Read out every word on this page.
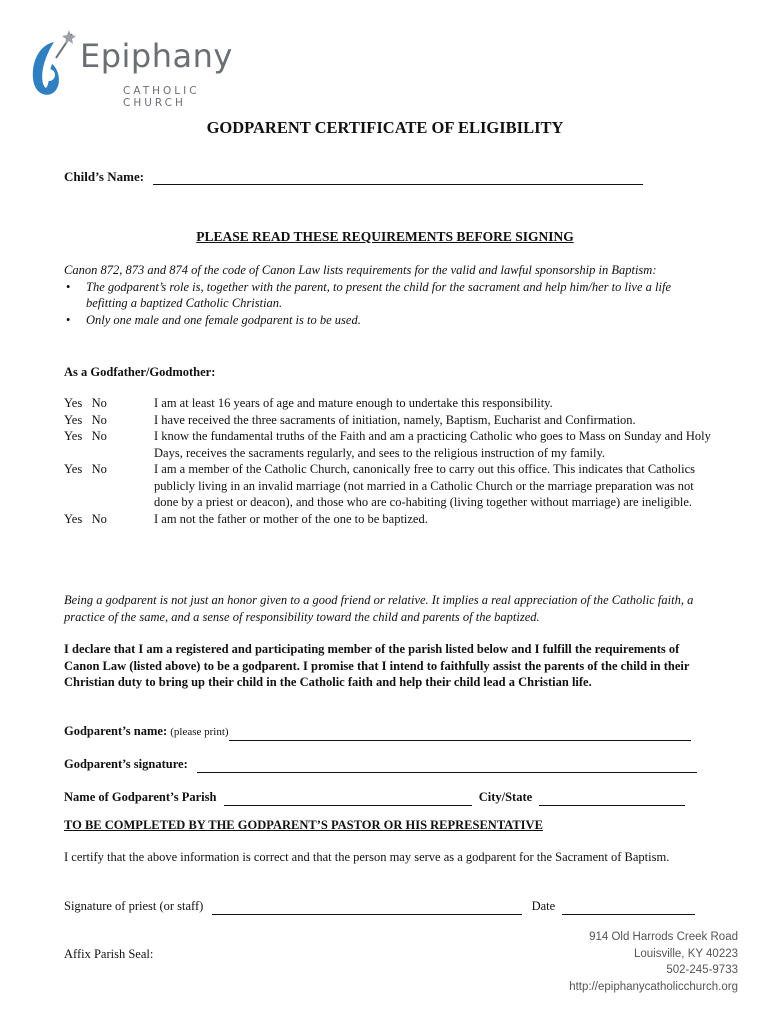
Epiphany
CATHOLIC CHURCH
GODPARENT CERTIFICATE OF ELIGIBILITY
Child’s Name:
PLEASE READ THESE REQUIREMENTS BEFORE SIGNING
Canon 872, 873 and 874 of the code of Canon Law lists requirements for the valid and lawful sponsorship in Baptism:
• The godparent’s role is, together with the parent, to present the child for the sacrament and help him/her to live a life befitting a baptized Catholic Christian.
• Only one male and one female godparent is to be used.
As a Godfather/Godmother:
Yes   No	I am at least 16 years of age and mature enough to undertake this responsibility.
Yes   No	I have received the three sacraments of initiation, namely, Baptism, Eucharist and Confirmation.
Yes   No	I know the fundamental truths of the Faith and am a practicing Catholic who goes to Mass on Sunday and Holy Days, receives the sacraments regularly, and sees to the religious instruction of my family.
Yes   No	I am a member of the Catholic Church, canonically free to carry out this office. This indicates that Catholics publicly living in an invalid marriage (not married in a Catholic Church or the marriage preparation was not done by a priest or deacon), and those who are co-habiting (living together without marriage) are ineligible.
Yes   No	I am not the father or mother of the one to be baptized.
Being a godparent is not just an honor given to a good friend or relative. It implies a real appreciation of the Catholic faith, a practice of the same, and a sense of responsibility toward the child and parents of the baptized.
I declare that I am a registered and participating member of the parish listed below and I fulfill the requirements of Canon Law (listed above) to be a godparent. I promise that I intend to faithfully assist the parents of the child in their Christian duty to bring up their child in the Catholic faith and help their child lead a Christian life.
Godparent’s name: (please print)
Godparent’s signature:
Name of Godparent’s Parish	City/State
TO BE COMPLETED BY THE GODPARENT’S PASTOR OR HIS REPRESENTATIVE
I certify that the above information is correct and that the person may serve as a godparent for the Sacrament of Baptism.
Signature of priest (or staff)	Date
Affix Parish Seal:
914 Old Harrods Creek Road
Louisville, KY 40223
502-245-9733
http://epiphanycatholicchurch.org
